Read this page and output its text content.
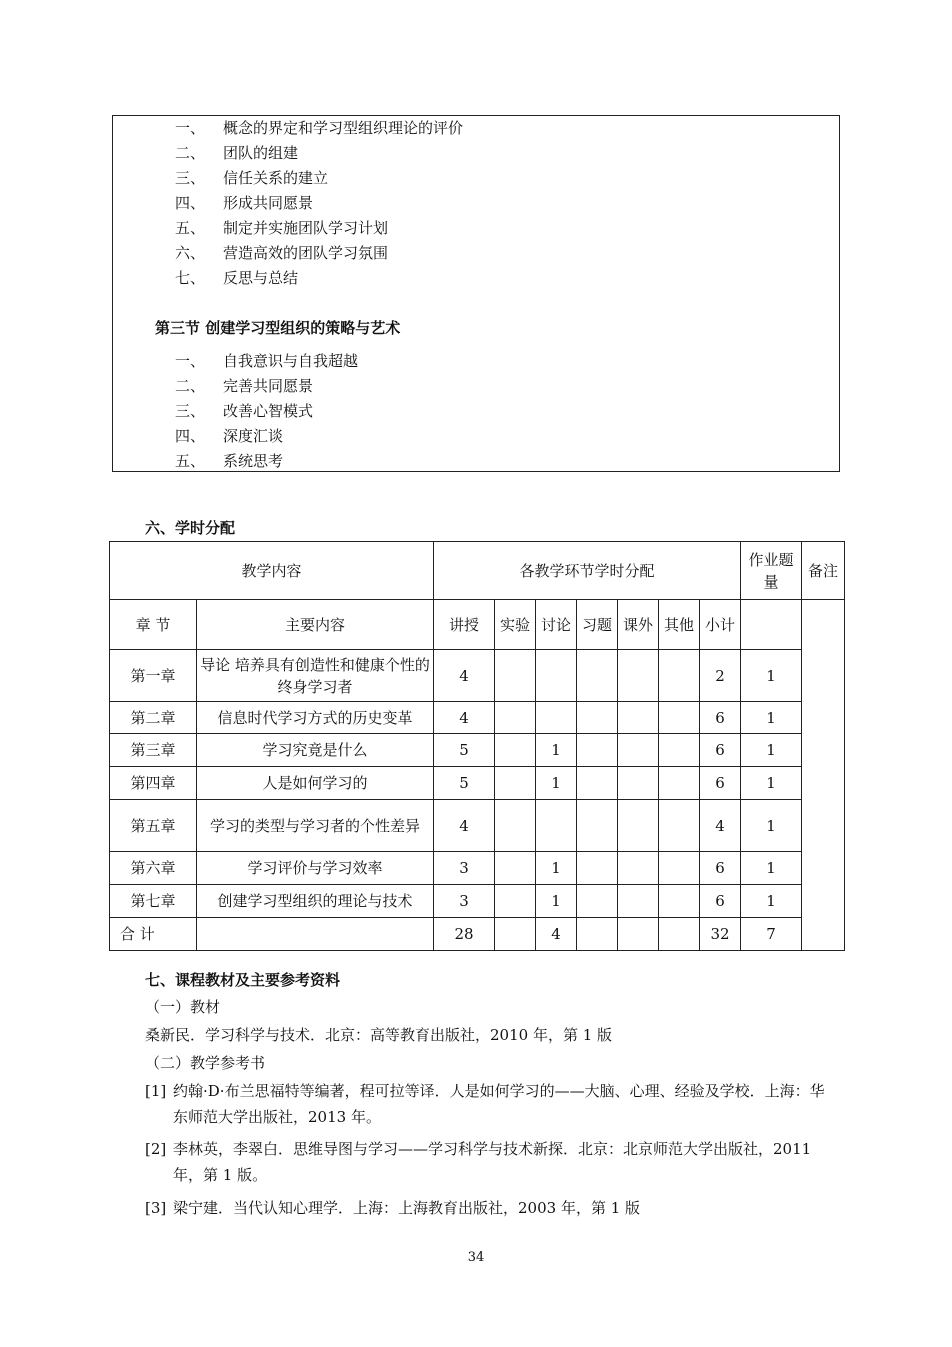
一、 概念的界定和学习型组织理论的评价
二、 团队的组建
三、 信任关系的建立
四、 形成共同愿景
五、 制定并实施团队学习计划
六、 营造高效的团队学习氛围
七、 反思与总结
第三节 创建学习型组织的策略与艺术
一、 自我意识与自我超越
二、 完善共同愿景
三、 改善心智模式
四、 深度汇谈
五、 系统思考
六、学时分配
教学内容		各教学环节学时分配							作业题量	备注
章 节	主要内容	讲授	实验	讨论	习题	课外	其他	小计		
第一章	导论 培养具有创造性和健康个性的终身学习者	4						2	1	
第二章	信息时代学习方式的历史变革	4						6	1	
第三章	学习究竟是什么	5		1				6	1	
第四章	人是如何学习的	5		1				6	1	
第五章	学习的类型与学习者的个性差异	4						4	1	
第六章	学习评价与学习效率	3		1				6	1	
第七章	创建学习型组织的理论与技术	3		1				6	1	
合 计		28		4				32	7	
七、课程教材及主要参考资料
（一）教材
桑新民．学习科学与技术．北京：高等教育出版社，2010 年，第 1 版
（二）教学参考书
[1] 约翰·D·布兰思福特等编著，程可拉等译．人是如何学习的——大脑、心理、经验及学校．上海：华东师范大学出版社，2013 年。
[2] 李林英，李翠白．思维导图与学习——学习科学与技术新探．北京：北京师范大学出版社，2011 年，第 1 版。
[3] 梁宁建．当代认知心理学．上海：上海教育出版社，2003 年，第 1 版
34
